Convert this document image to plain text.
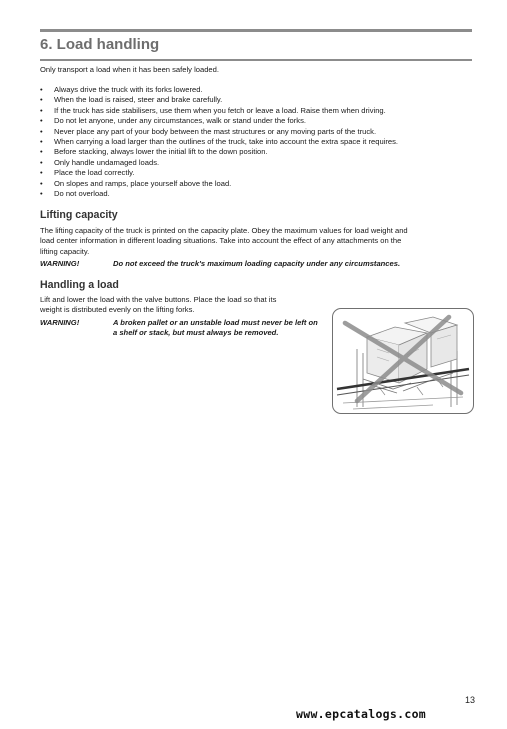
6. Load handling

Only transport a load when it has been safely loaded.

• Always drive the truck with its forks lowered.
• When the load is raised, steer and brake carefully.
• If the truck has side stabilisers, use them when you fetch or leave a load. Raise them when driving.
• Do not let anyone, under any circumstances, walk or stand under the forks.
• Never place any part of your body between the mast structures or any moving parts of the truck.
• When carrying a load larger than the outlines of the truck, take into account the extra space it requires.
• Before stacking, always lower the initial lift to the down position.
• Only handle undamaged loads.
• Place the load correctly.
• On slopes and ramps, place yourself above the load.
• Do not overload.
Lifting capacity
The lifting capacity of the truck is printed on the capacity plate. Obey the maximum values for load weight and
load center information in different loading situations. Take into account the effect of any attachments on the
lifting capacity.
WARNING!	Do not exceed the truck's maximum loading capacity under any circumstances.
Handling a load
Lift and lower the load with the valve buttons. Place the load so that its
weight is distributed evenly on the lifting forks.
WARNING!	A broken pallet or an unstable load must never be left on
a shelf or stack, but must always be removed.
13
www.epcatalogs.com
